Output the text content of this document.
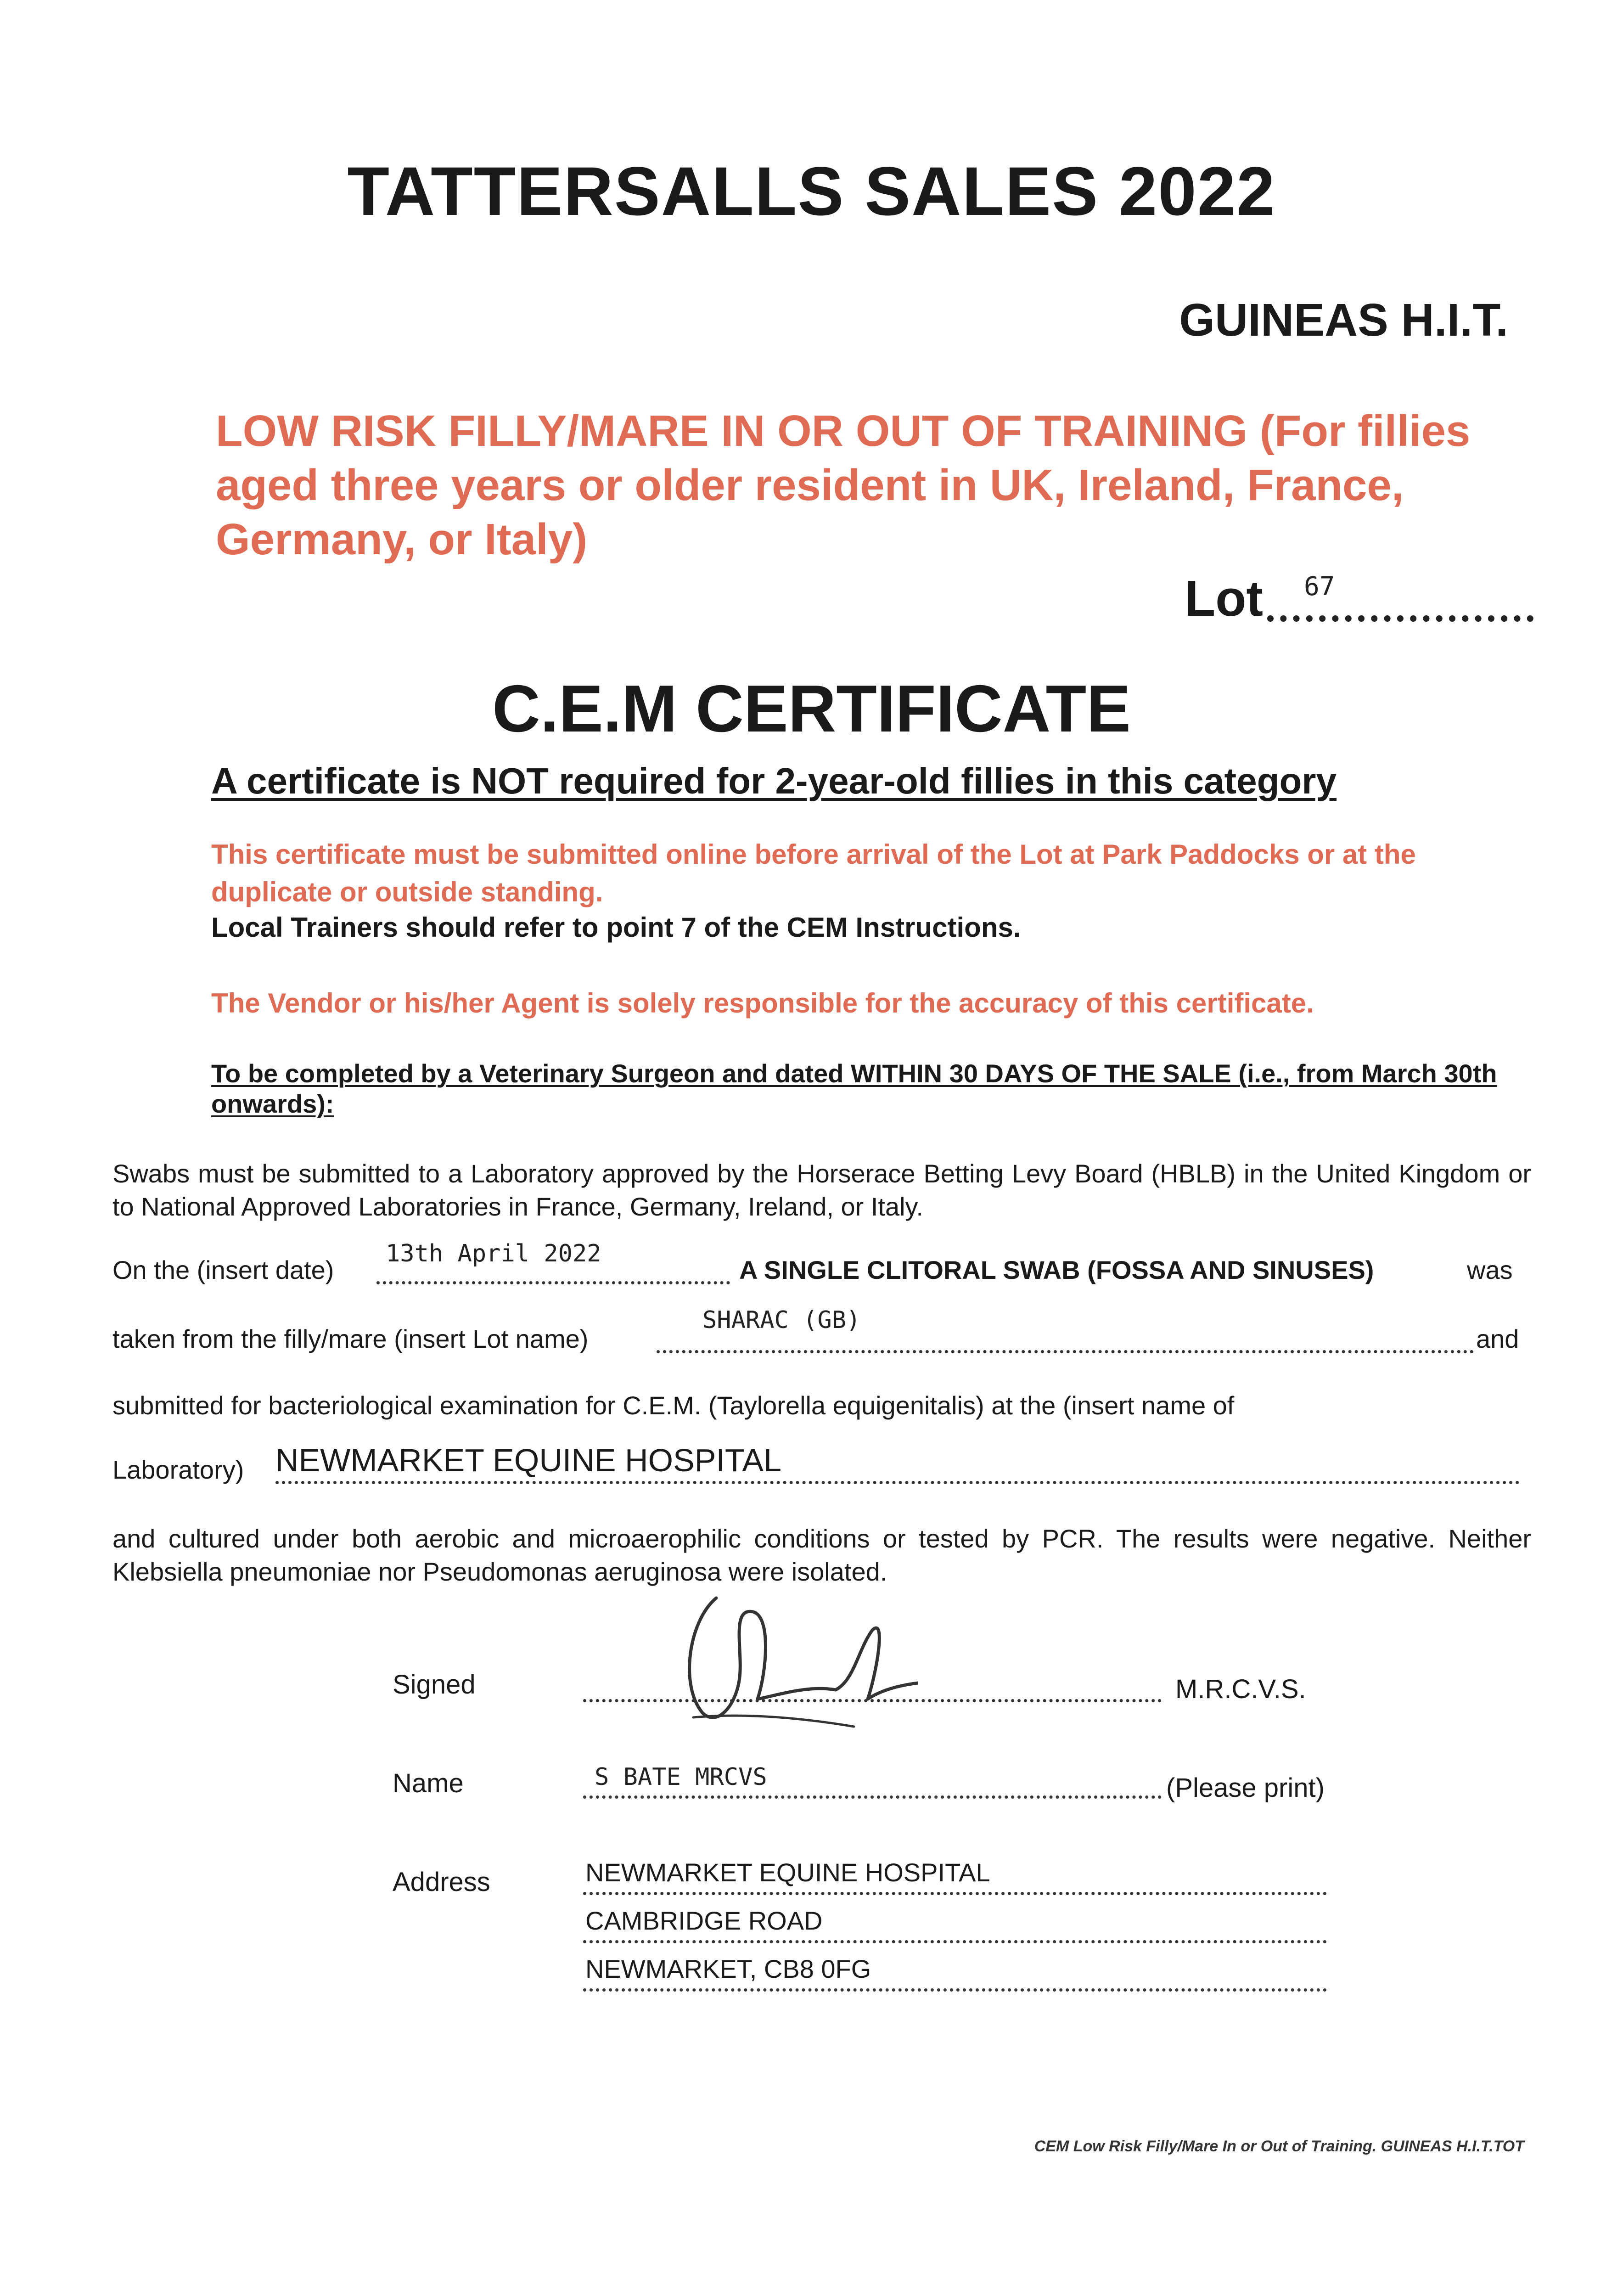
TATTERSALLS SALES 2022
GUINEAS H.I.T.
LOW RISK FILLY/MARE IN OR OUT OF TRAINING (For fillies aged three years or older resident in UK, Ireland, France, Germany, or Italy)
Lot 67
C.E.M CERTIFICATE
A certificate is NOT required for 2-year-old fillies in this category
This certificate must be submitted online before arrival of the Lot at Park Paddocks or at the duplicate or outside standing.
Local Trainers should refer to point 7 of the CEM Instructions.
The Vendor or his/her Agent is solely responsible for the accuracy of this certificate.
To be completed by a Veterinary Surgeon and dated WITHIN 30 DAYS OF THE SALE (i.e., from March 30th onwards):
Swabs must be submitted to a Laboratory approved by the Horserace Betting Levy Board (HBLB) in the United Kingdom or to National Approved Laboratories in France, Germany, Ireland, or Italy.
On the (insert date)
13th April 2022
A SINGLE CLITORAL SWAB (FOSSA AND SINUSES)	was
taken from the filly/mare (insert Lot name)
SHARAC (GB)
and
submitted for bacteriological examination for C.E.M. (Taylorella equigenitalis) at the (insert name of
Laboratory) NEWMARKET EQUINE HOSPITAL
and cultured under both aerobic and microaerophilic conditions or tested by PCR. The results were negative. Neither Klebsiella pneumoniae nor Pseudomonas aeruginosa were isolated.
Signed	M.R.C.V.S.
Name	S BATE MRCVS	(Please print)
Address	NEWMARKET EQUINE HOSPITAL
CAMBRIDGE ROAD
NEWMARKET, CB8 0FG
CEM Low Risk Filly/Mare In or Out of Training. GUINEAS H.I.T.TOT
